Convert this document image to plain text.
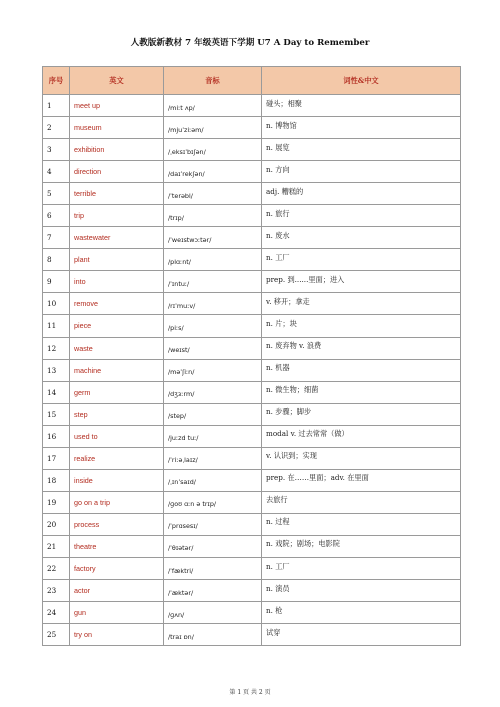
人教版新教材 7 年级英语下学期 U7 A Day to Remember
序号	英文	音标	词性&中文
1	meet up	/miːt ʌp/	碰头；相聚

2	museum	/mjuˈziːəm/	n. 博物馆

3	exhibition	/ˌeksɪˈbɪʃən/	n. 展览

4	direction	/daɪˈrekʃən/	n. 方向

5	terrible	/ˈterəbl/	adj. 糟糕的

6	trip	/trɪp/	n. 旅行

7	wastewater	/ˈweɪstwɔːtər/	n. 废水

8	plant	/plɑːnt/	n. 工厂

9	into	/ˈɪntuː/	prep. 到......里面；进入

10	remove	/rɪˈmuːv/	v. 移开；拿走

11	piece	/piːs/	n. 片；块

12	waste	/weɪst/	n. 废弃物 v. 浪费

13	machine	/məˈʃiːn/	n. 机器

14	germ	/dʒɜːrm/	n. 微生物；细菌

15	step	/step/	n. 步骤；脚步

16	used to	/juːzd tuː/	modal v. 过去常常（做）

17	realize	/ˈriːəˌlaɪz/	v. 认识到；实现

18	inside	/ˌɪnˈsaɪd/	prep. 在……里面；adv. 在里面

19	go on a trip	/ɡoʊ ɑːn ə trɪp/	去旅行

20	process	/ˈprɑsesɪ/	n. 过程

21	theatre	/ˈθɪətər/	n. 戏院；剧场；电影院

22	factory	/ˈfæktri/	n. 工厂

23	actor	/ˈæktər/	n. 演员

24	gun	/ɡʌn/	n. 枪

25	try on	/traɪ ɒn/	试穿
第 1 页 共 2 页
